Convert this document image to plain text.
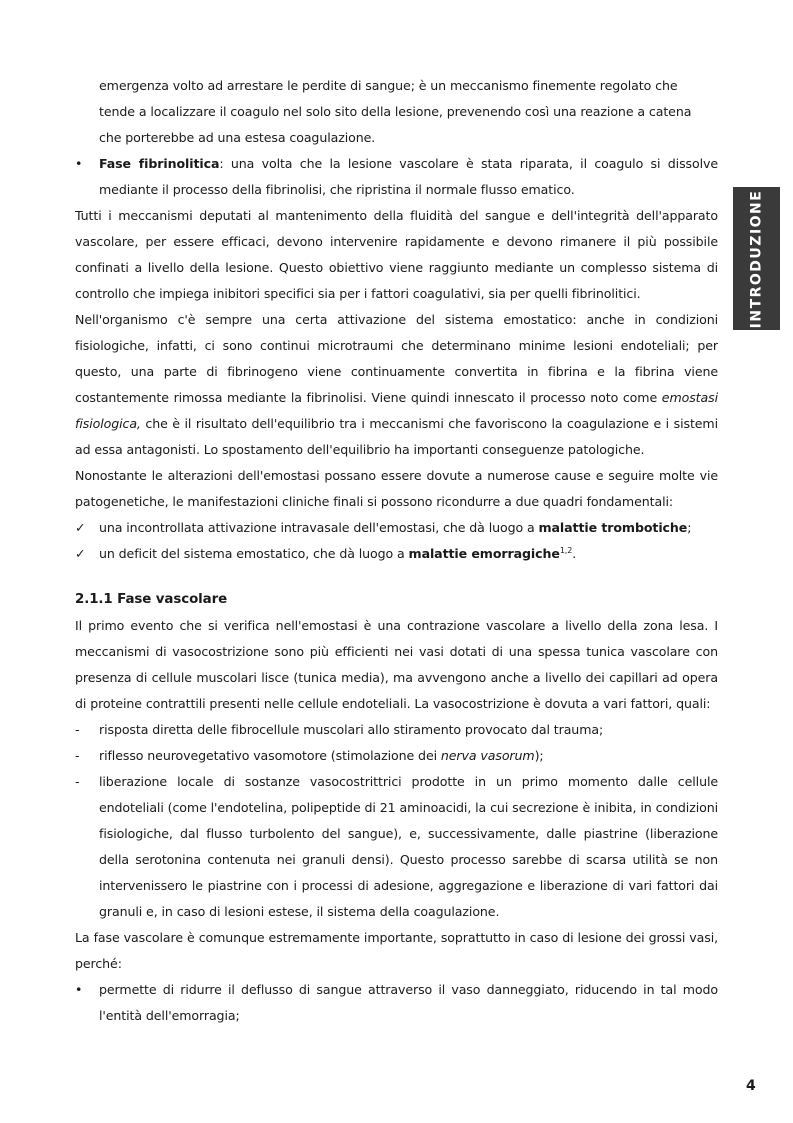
INTRODUZIONE

emergenza volto ad arrestare le perdite di sangue; è un meccanismo finemente regolato che

tende a localizzare il coagulo nel solo sito della lesione, prevenendo così una reazione a catena

che porterebbe ad una estesa coagulazione.

•	Fase fibrinolitica: una volta che la lesione vascolare è stata riparata, il coagulo si dissolve mediante il processo della fibrinolisi, che ripristina il normale flusso ematico.

Tutti i meccanismi deputati al mantenimento della fluidità del sangue e dell'integrità dell'apparato vascolare, per essere efficaci, devono intervenire rapidamente e devono rimanere il più possibile confinati a livello della lesione. Questo obiettivo viene raggiunto mediante un complesso sistema di controllo che impiega inibitori specifici sia per i fattori coagulativi, sia per quelli fibrinolitici.

Nell'organismo c'è sempre una certa attivazione del sistema emostatico: anche in condizioni fisiologiche, infatti, ci sono continui microtraumi che determinano minime lesioni endoteliali; per questo, una parte di fibrinogeno viene continuamente convertita in fibrina e la fibrina viene costantemente rimossa mediante la fibrinolisi. Viene quindi innescato il processo noto come emostasi fisiologica, che è il risultato dell'equilibrio tra i meccanismi che favoriscono la coagulazione e i sistemi ad essa antagonisti. Lo spostamento dell'equilibrio ha importanti conseguenze patologiche.

Nonostante le alterazioni dell'emostasi possano essere dovute a numerose cause e seguire molte vie patogenetiche, le manifestazioni cliniche finali si possono ricondurre a due quadri fondamentali:

✓	una incontrollata attivazione intravasale dell'emostasi, che dà luogo a malattie trombotiche;
✓	un deficit del sistema emostatico, che dà luogo a malattie emorragiche$^{1,2}$.
2.1.1 Fase vascolare

Il primo evento che si verifica nell'emostasi è una contrazione vascolare a livello della zona lesa. I meccanismi di vasocostrizione sono più efficienti nei vasi dotati di una spessa tunica vascolare con presenza di cellule muscolari lisce (tunica media), ma avvengono anche a livello dei capillari ad opera di proteine contrattili presenti nelle cellule endoteliali. La vasocostrizione è dovuta a vari fattori, quali:

-	risposta diretta delle fibrocellule muscolari allo stiramento provocato dal trauma;
-	riflesso neurovegetativo vasomotore (stimolazione dei nerva vasorum);
-	liberazione locale di sostanze vasocostrittrici prodotte in un primo momento dalle cellule endoteliali (come l'endotelina, polipeptide di 21 aminoacidi, la cui secrezione è inibita, in condizioni fisiologiche, dal flusso turbolento del sangue), e, successivamente, dalle piastrine (liberazione della serotonina contenuta nei granuli densi). Questo processo sarebbe di scarsa utilità se non intervenissero le piastrine con i processi di adesione, aggregazione e liberazione di vari fattori dai granuli e, in caso di lesioni estese, il sistema della coagulazione.

La fase vascolare è comunque estremamente importante, soprattutto in caso di lesione dei grossi vasi, perché:

•	permette di ridurre il deflusso di sangue attraverso il vaso danneggiato, riducendo in tal modo l'entità dell'emorragia;
4
